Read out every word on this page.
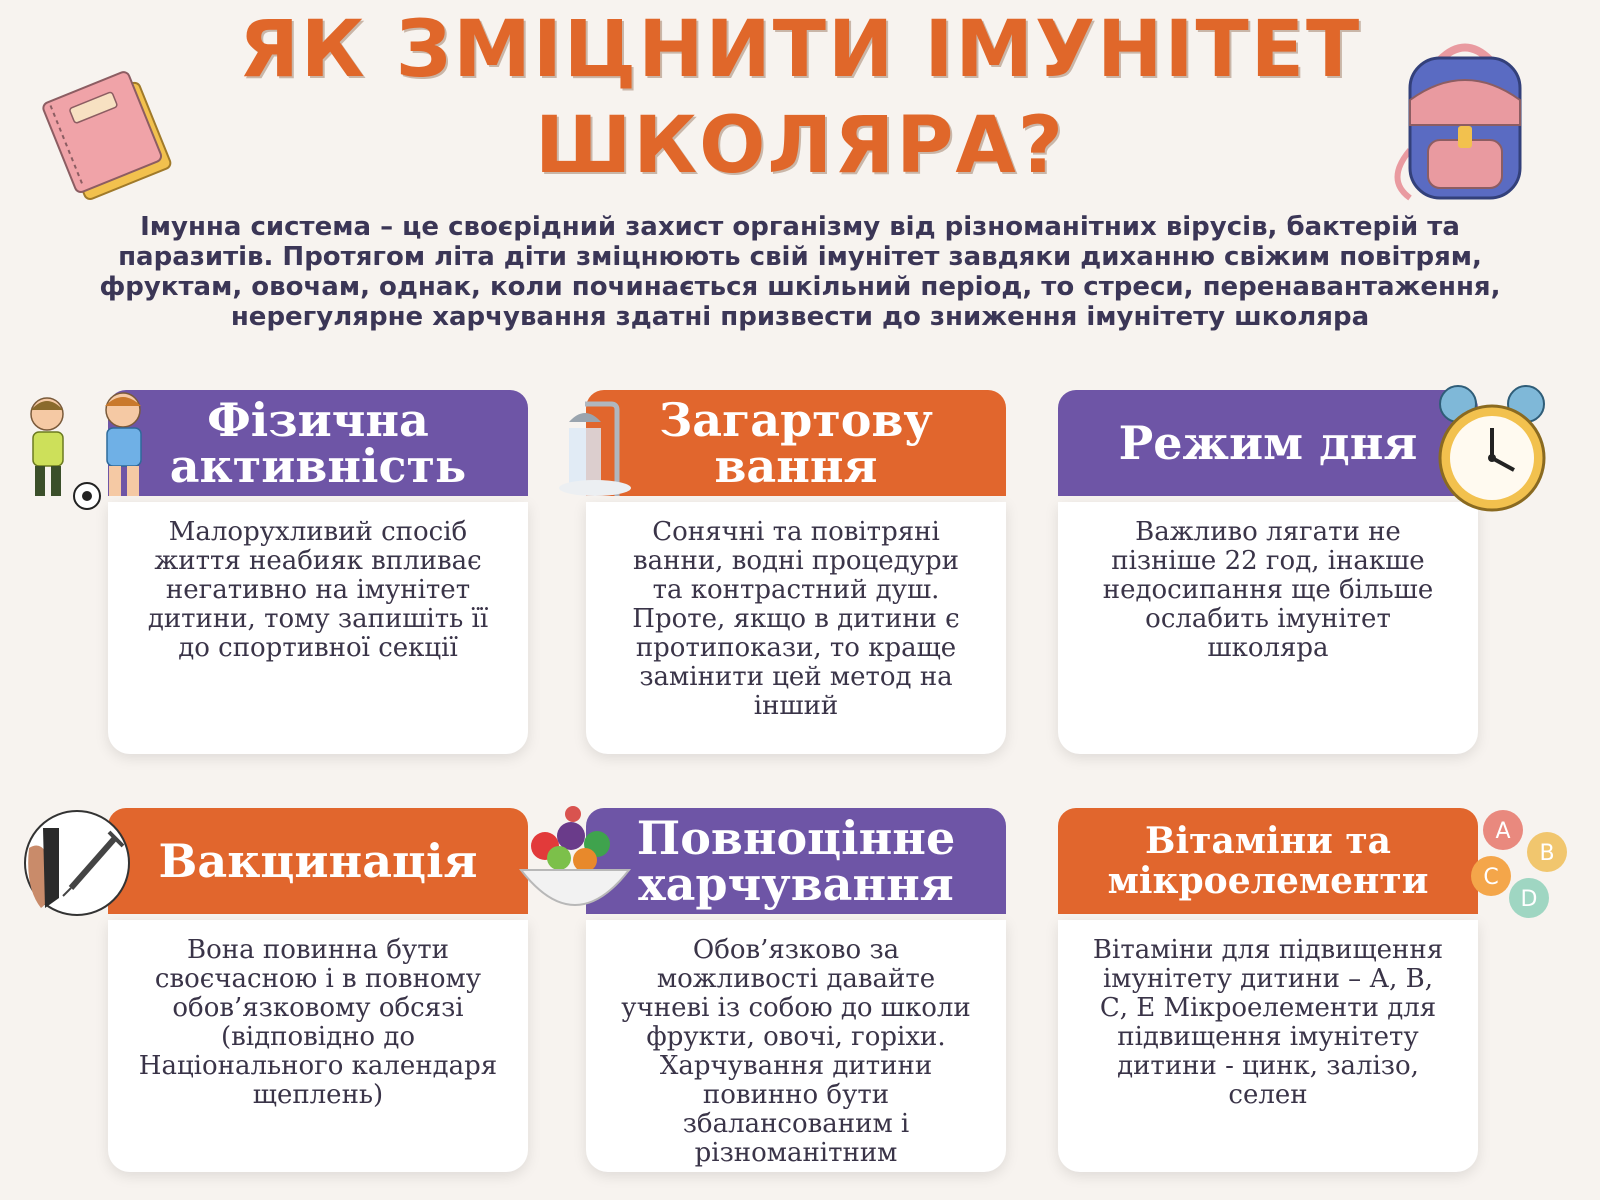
ЯК ЗМІЦНИТИ ІМУНІТЕТ
ШКОЛЯРА?
Імунна система – це своєрідний захист організму від різноманітних вірусів, бактерій та паразитів. Протягом літа діти зміцнюють свій імунітет завдяки диханню свіжим повітрям, фруктам, овочам, однак, коли починається шкільний період, то стреси, перенавантаження, нерегулярне харчування здатні призвести до зниження імунітету школяра
Фізична активність
Малорухливий спосіб життя неабияк впливає негативно на імунітет дитини, тому запишіть її до спортивної секції
Загартову вання
Сонячні та повітряні ванни, водні процедури та контрастний душ. Проте, якщо в дитини є протипокази, то краще замінити цей метод на інший
Режим дня
Важливо лягати не пізніше 22 год, інакше недосипання ще більше ослабить імунітет школяра
Вакцинація
Вона повинна бути своєчасною і в повному обов’язковому обсязі (відповідно до Національного календаря щеплень)
Повноцінне харчування
Обов’язково за можливості давайте учневі із собою до школи фрукти, овочі, горіхи. Харчування дитини повинно бути збалансованим і різноманітним
Вітаміни та мікроелементи
Вітаміни для підвищення імунітету дитини – А, В, С, Е Мікроелементи для підвищення імунітету дитини - цинк, залізо, селен
A
B
C
D
